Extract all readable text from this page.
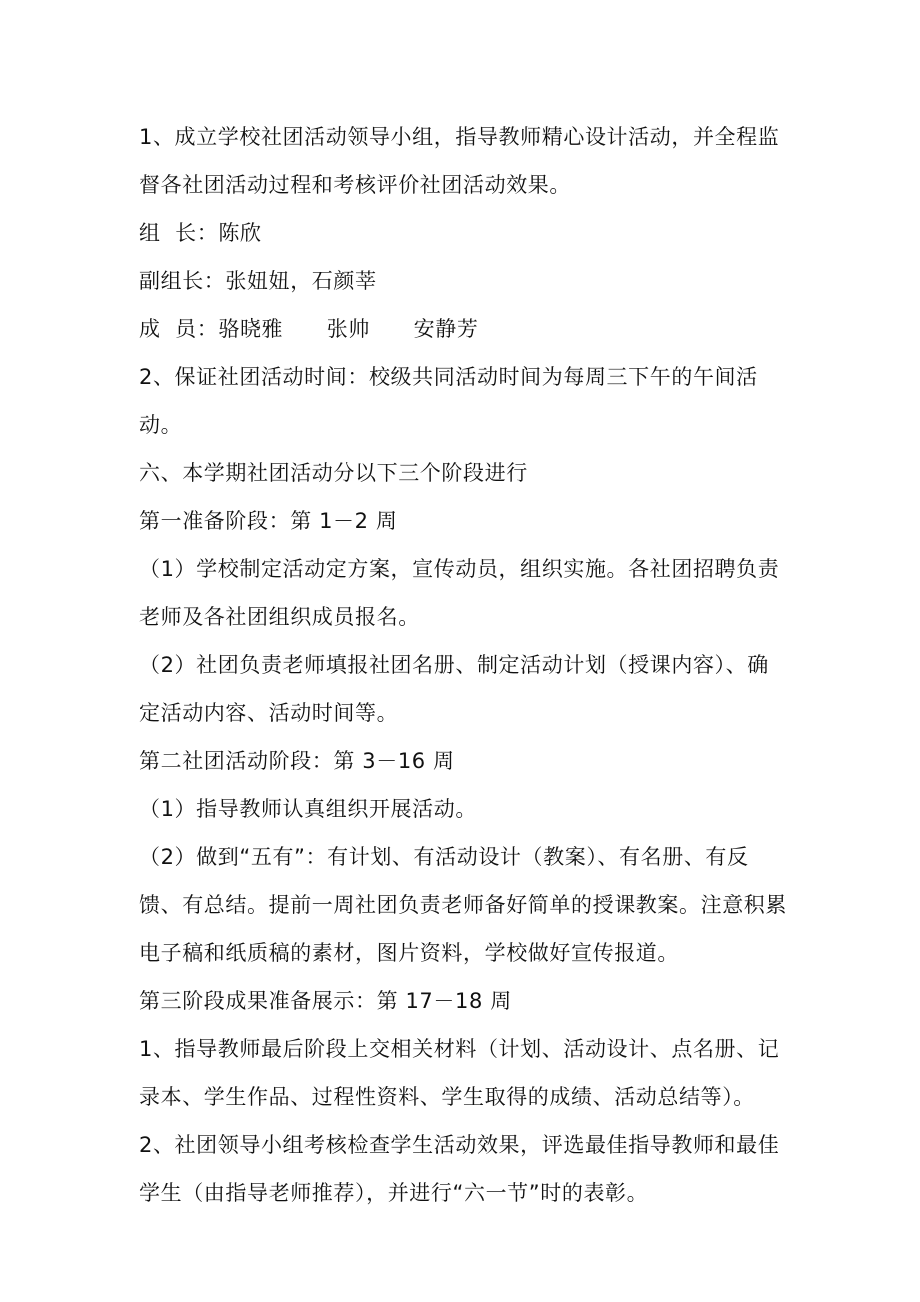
1、成立学校社团活动领导小组，指导教师精心设计活动，并全程监督各社团活动过程和考核评价社团活动效果。

组  长：陈欣

副组长：张妞妞，石颜莘

成  员：骆晓雅      张帅      安静芳

2、保证社团活动时间：校级共同活动时间为每周三下午的午间活动。

六、本学期社团活动分以下三个阶段进行

第一准备阶段：第 1－2 周

（1）学校制定活动定方案，宣传动员，组织实施。各社团招聘负责老师及各社团组织成员报名。

（2）社团负责老师填报社团名册、制定活动计划（授课内容）、确定活动内容、活动时间等。

第二社团活动阶段：第 3－16 周

（1）指导教师认真组织开展活动。

（2）做到“五有”：有计划、有活动设计（教案）、有名册、有反馈、有总结。提前一周社团负责老师备好简单的授课教案。注意积累电子稿和纸质稿的素材，图片资料，学校做好宣传报道。

第三阶段成果准备展示：第 17－18 周

1、指导教师最后阶段上交相关材料（计划、活动设计、点名册、记录本、学生作品、过程性资料、学生取得的成绩、活动总结等）。

2、社团领导小组考核检查学生活动效果，评选最佳指导教师和最佳学生（由指导老师推荐），并进行“六一节”时的表彰。
